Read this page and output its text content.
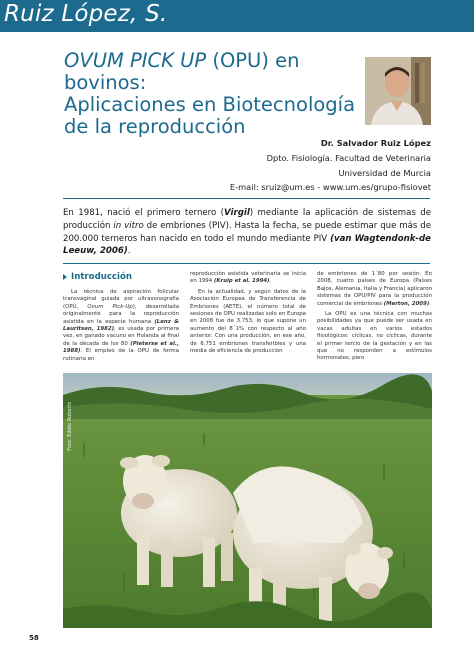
Ruiz López, S.
OVUM PICK UP (OPU) en bovinos:
Aplicaciones en Biotecnología
de la reproducción
Dr. Salvador Ruiz López
Dpto. Fisiología. Facultad de Veterinaria
Universidad de Murcia
E-mail: sruiz@um.es - www.um.es/grupo-fisiovet
En 1981, nació el primero ternero (Virgil) mediante la aplicación de sistemas de producción in vitro de embriones (PIV). Hasta la fecha, se puede estimar que más de 200.000 terneros han nacido en todo el mundo mediante PIV (van Wagtendonk-de Leeuw, 2006).
Introducción

La técnica de aspiración folicular transvaginal guiada por ultrasonografía (OPU, Ovum Pick-Up), desarrollada originalmente para la reproducción asistida en la especie humana (Lenz & Lauritsen, 1982), es usada por primera vez, en ganado vacuno en Holanda al final de la década de los 80 (Pieterse et al., 1988). El empleo de la OPU de forma rutinaria en

reproducción asistida veterinaria se inicia en 1994 (Kruip et al. 1994).

En la actualidad, y según datos de la Asociación Europea de Transferencia de Embriones (AETE), el número total de sesiones de OPU realizadas solo en Europa en 2008 fue de 3.753, lo que supone un aumento del 8´1% con respecto al año anterior. Con una producción, en ese año, de 6.751 embriones transferibles y una media de eficiencia de producción

de embriones de 1´80 por sesión. En 2008, cuatro países de Europa (Países Bajos, Alemania, Italia y Francia) aplicaron sistemas de OPU/PIV para la producción comercial de embriones (Merton, 2009).

La OPU es una técnica con muchas posibilidades ya que puede ser usada en vacas adultas en varios estados fisiológicos: cíclicas, no cíclicas, durante el primer tercio de la gestación y en las que no responden a estímulos hormonales, pero

Foto: Eddie Roberts
58
